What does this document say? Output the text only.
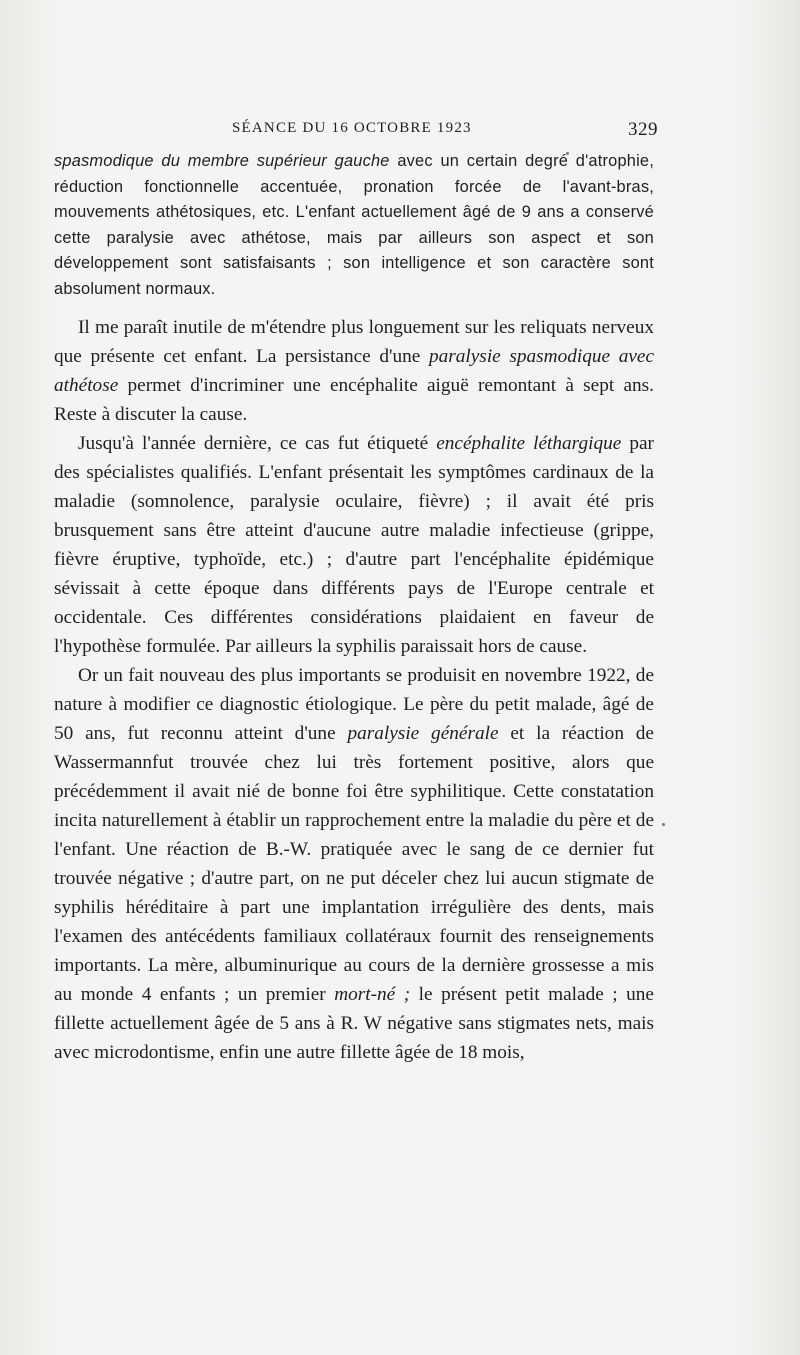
SÉANCE DU 16 OCTOBRE 1923	329

spasmodique du membre supérieur gauche avec un certain degré d'atrophie, réduction fonctionnelle accentuée, pronation forcée de l'avant-bras, mouvements athétosiques, etc. L'enfant actuellement âgé de 9 ans a conservé cette paralysie avec athétose, mais par ailleurs son aspect et son développement sont satisfaisants ; son intelligence et son caractère sont absolument normaux.

Il me paraît inutile de m'étendre plus longuement sur les reliquats nerveux que présente cet enfant. La persistance d'une paralysie spasmodique avec athétose permet d'incriminer une encéphalite aiguë remontant à sept ans. Reste à discuter la cause.

Jusqu'à l'année dernière, ce cas fut étiqueté encéphalite léthargique par des spécialistes qualifiés. L'enfant présentait les symptômes cardinaux de la maladie (somnolence, paralysie oculaire, fièvre) ; il avait été pris brusquement sans être atteint d'aucune autre maladie infectieuse (grippe, fièvre éruptive, typhoïde, etc.) ; d'autre part l'encéphalite épidémique sévissait à cette époque dans différents pays de l'Europe centrale et occidentale. Ces différentes considérations plaidaient en faveur de l'hypothèse formulée. Par ailleurs la syphilis paraissait hors de cause.

Or un fait nouveau des plus importants se produisit en novembre 1922, de nature à modifier ce diagnostic étiologique. Le père du petit malade, âgé de 50 ans, fut reconnu atteint d'une paralysie générale et la réaction de Wassermannfut trouvée chez lui très fortement positive, alors que précédemment il avait nié de bonne foi être syphilitique. Cette constatation incita naturellement à établir un rapprochement entre la maladie du père et de l'enfant. Une réaction de B.-W. pratiquée avec le sang de ce dernier fut trouvée négative ; d'autre part, on ne put déceler chez lui aucun stigmate de syphilis héréditaire à part une implantation irrégulière des dents, mais l'examen des antécédents familiaux collatéraux fournit des renseignements importants. La mère, albuminurique au cours de la dernière grossesse a mis au monde 4 enfants ; un premier mort-né ; le présent petit malade ; une fillette actuellement âgée de 5 ans à R. W négative sans stigmates nets, mais avec microdontisme, enfin une autre fillette âgée de 18 mois,
